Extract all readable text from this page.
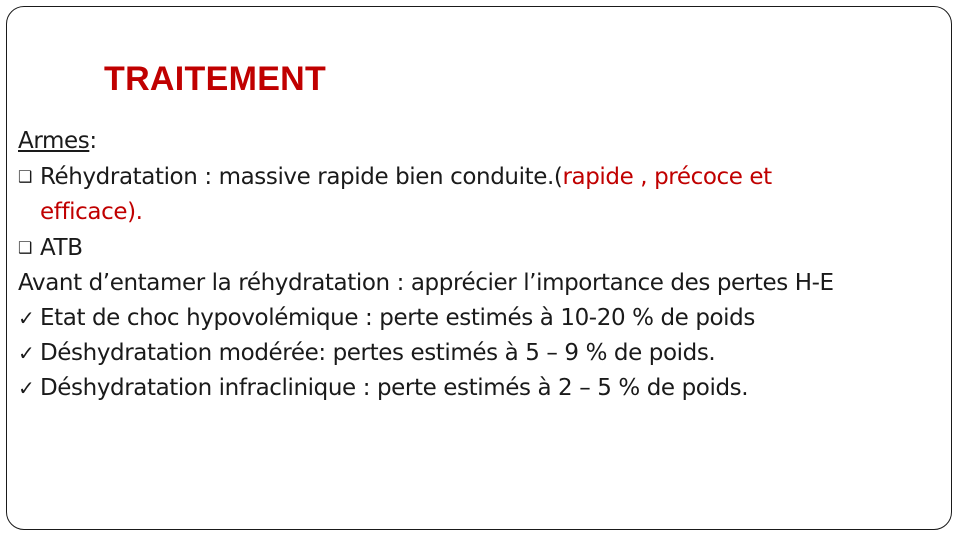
TRAITEMENT
Armes:
❑ Réhydratation : massive rapide bien conduite.(rapide , précoce et
efficace).
❑ ATB
Avant d’entamer la réhydratation : apprécier l’importance des pertes H-E
✓ Etat de choc hypovolémique : perte estimés à 10-20 % de poids
✓ Déshydratation modérée: pertes estimés à 5 – 9 % de poids.
✓ Déshydratation infraclinique : perte estimés à 2 – 5 % de poids.
